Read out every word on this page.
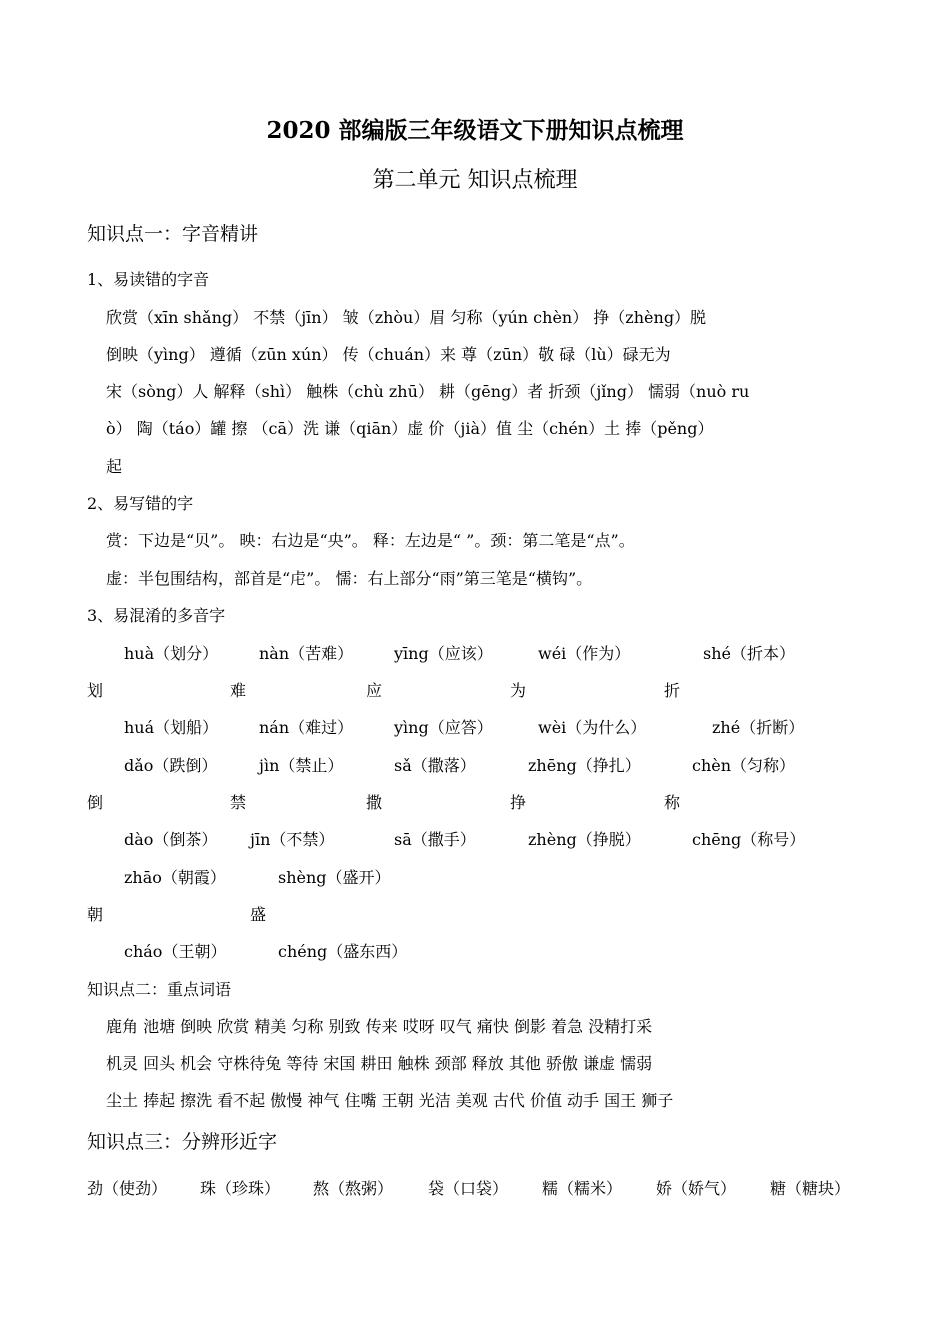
2020 部编版三年级语文下册知识点梳理
第二单元 知识点梳理
知识点一：字音精讲
1、易读错的字音
欣赏（xīn shǎng） 不禁（jīn） 皱（zhòu）眉 匀称（yún chèn） 挣（zhèng）脱
倒映（yìng） 遵循（zūn xún） 传（chuán）来 尊（zūn）敬 碌（lù）碌无为
宋（sòng）人 解释（shì） 触株（chù zhū） 耕（gēng）者 折颈（jǐng） 懦弱（nuò ru
ò） 陶（táo）罐 擦 （cā）洗 谦（qiān）虚 价（jià）值 尘（chén）土 捧（pěng）
起
2、易写错的字
赏：下边是“贝”。 映：右边是“央”。 释：左边是“ ”。颈：第二笔是“点”。
虚：半包围结构，部首是“虍”。 懦：右上部分“雨”第三笔是“横钩”。
3、易混淆的多音字
huà（划分）	nàn（苦难）	yīng（应该）	wéi（作为）	shé（折本）
划	难	应	为	折
huá（划船）	nán（难过）	yìng（应答）	wèi（为什么）	zhé（折断）
dǎo（跌倒）	jìn（禁止）	sǎ（撒落）	zhēng（挣扎）	chèn（匀称）
倒	禁	撒	挣	称
dào（倒茶） jīn（不禁）	sā（撒手）	zhèng（挣脱）	chēng（称号）
zhāo（朝霞）	shèng（盛开）
朝	盛
cháo（王朝）	chéng（盛东西）
知识点二：重点词语
鹿角 池塘 倒映 欣赏 精美 匀称 别致 传来 哎呀 叹气 痛快 倒影 着急 没精打采
机灵 回头 机会 守株待兔 等待 宋国 耕田 触株 颈部 释放 其他 骄傲 谦虚 懦弱
尘土 捧起 擦洗 看不起 傲慢 神气 住嘴 王朝 光洁 美观 古代 价值 动手 国王 狮子
知识点三：分辨形近字
劲（使劲） 珠（珍珠） 熬（熬粥） 袋（口袋） 糯（糯米） 娇（娇气） 糖（糖块）
